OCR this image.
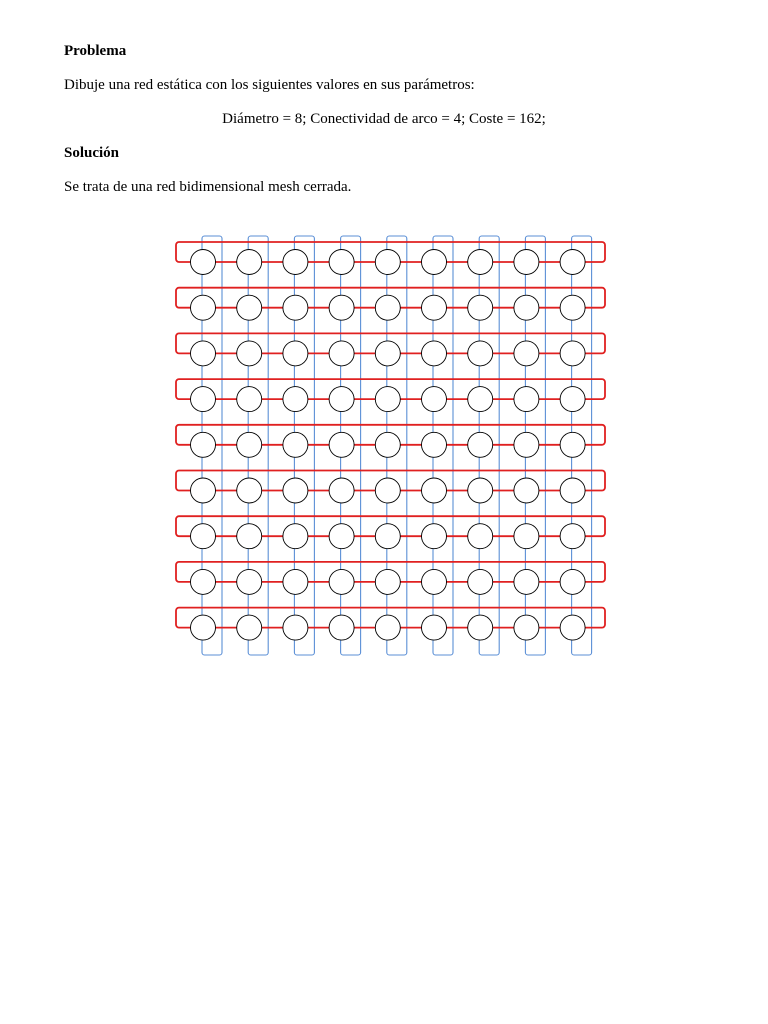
Problema
Dibuje una red estática con los siguientes valores en sus parámetros:
Diámetro = 8; Conectividad de arco = 4; Coste = 162;
Solución
Se trata de una red bidimensional mesh cerrada.
